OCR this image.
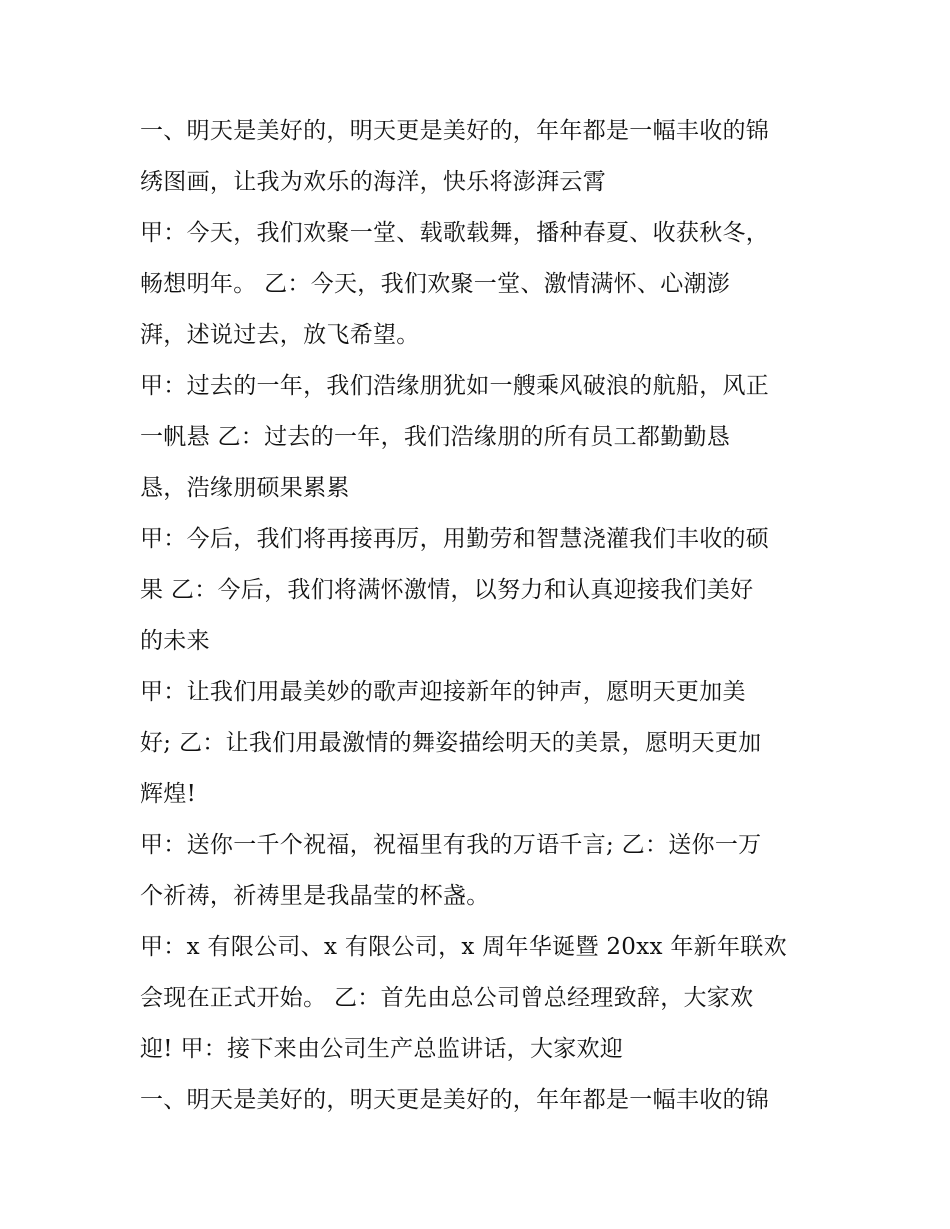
一、明天是美好的，明天更是美好的，年年都是一幅丰收的锦
绣图画，让我为欢乐的海洋，快乐将澎湃云霄
甲：今天，我们欢聚一堂、载歌载舞，播种春夏、收获秋冬，
畅想明年。 乙：今天，我们欢聚一堂、激情满怀、心潮澎
湃，述说过去，放飞希望。
甲：过去的一年，我们浩缘朋犹如一艘乘风破浪的航船，风正
一帆悬 乙：过去的一年，我们浩缘朋的所有员工都勤勤恳
恳，浩缘朋硕果累累
甲：今后，我们将再接再厉，用勤劳和智慧浇灌我们丰收的硕
果 乙：今后，我们将满怀激情，以努力和认真迎接我们美好
的未来
甲：让我们用最美妙的歌声迎接新年的钟声，愿明天更加美
好; 乙：让我们用最激情的舞姿描绘明天的美景，愿明天更加
辉煌!
甲：送你一千个祝福，祝福里有我的万语千言; 乙：送你一万
个祈祷，祈祷里是我晶莹的杯盏。
甲：x 有限公司、x 有限公司，x 周年华诞暨 20xx 年新年联欢
会现在正式开始。 乙：首先由总公司曾总经理致辞，大家欢
迎! 甲：接下来由公司生产总监讲话，大家欢迎
一、明天是美好的，明天更是美好的，年年都是一幅丰收的锦
